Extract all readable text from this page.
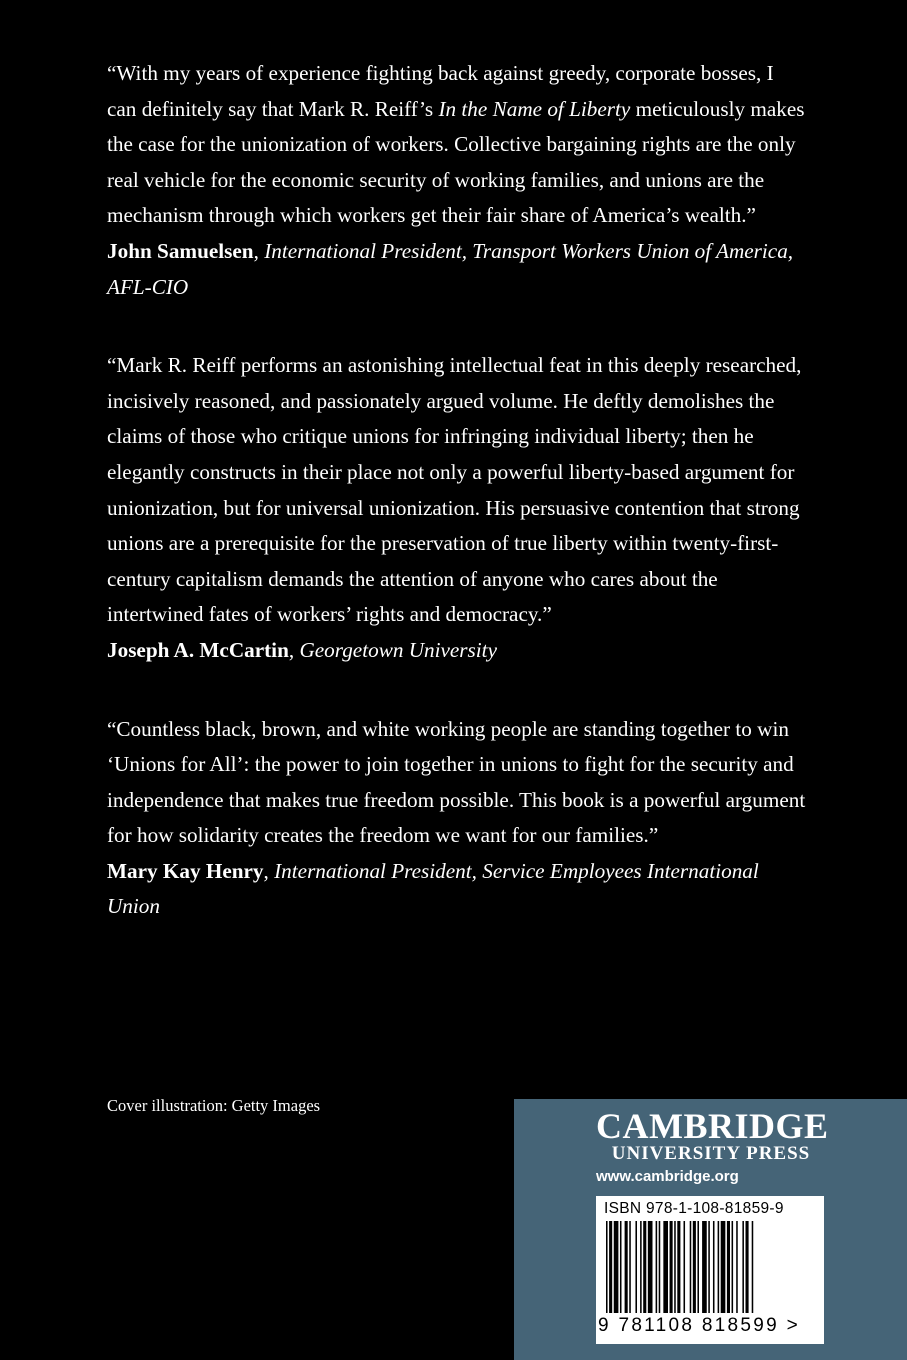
“With my years of experience fighting back against greedy, corporate bosses, I can definitely say that Mark R. Reiff’s In the Name of Liberty meticulously makes the case for the unionization of workers. Collective bargaining rights are the only real vehicle for the economic security of working families, and unions are the mechanism through which workers get their fair share of America’s wealth.”

John Samuelsen, International President, Transport Workers Union of America, AFL-CIO

“Mark R. Reiff performs an astonishing intellectual feat in this deeply researched, incisively reasoned, and passionately argued volume. He deftly demolishes the claims of those who critique unions for infringing individual liberty; then he elegantly constructs in their place not only a powerful liberty-based argument for unionization, but for universal unionization. His persuasive contention that strong unions are a prerequisite for the preservation of true liberty within twenty-first-century capitalism demands the attention of anyone who cares about the intertwined fates of workers’ rights and democracy.”

Joseph A. McCartin, Georgetown University

“Countless black, brown, and white working people are standing together to win ‘Unions for All’: the power to join together in unions to fight for the security and independence that makes true freedom possible. This book is a powerful argument for how solidarity creates the freedom we want for our families.”

Mary Kay Henry, International President, Service Employees International Union

Cover illustration: Getty Images
CAMBRIDGE
UNIVERSITY PRESS
www.cambridge.org
ISBN 978-1-108-81859-9
9 781108 818599 >
